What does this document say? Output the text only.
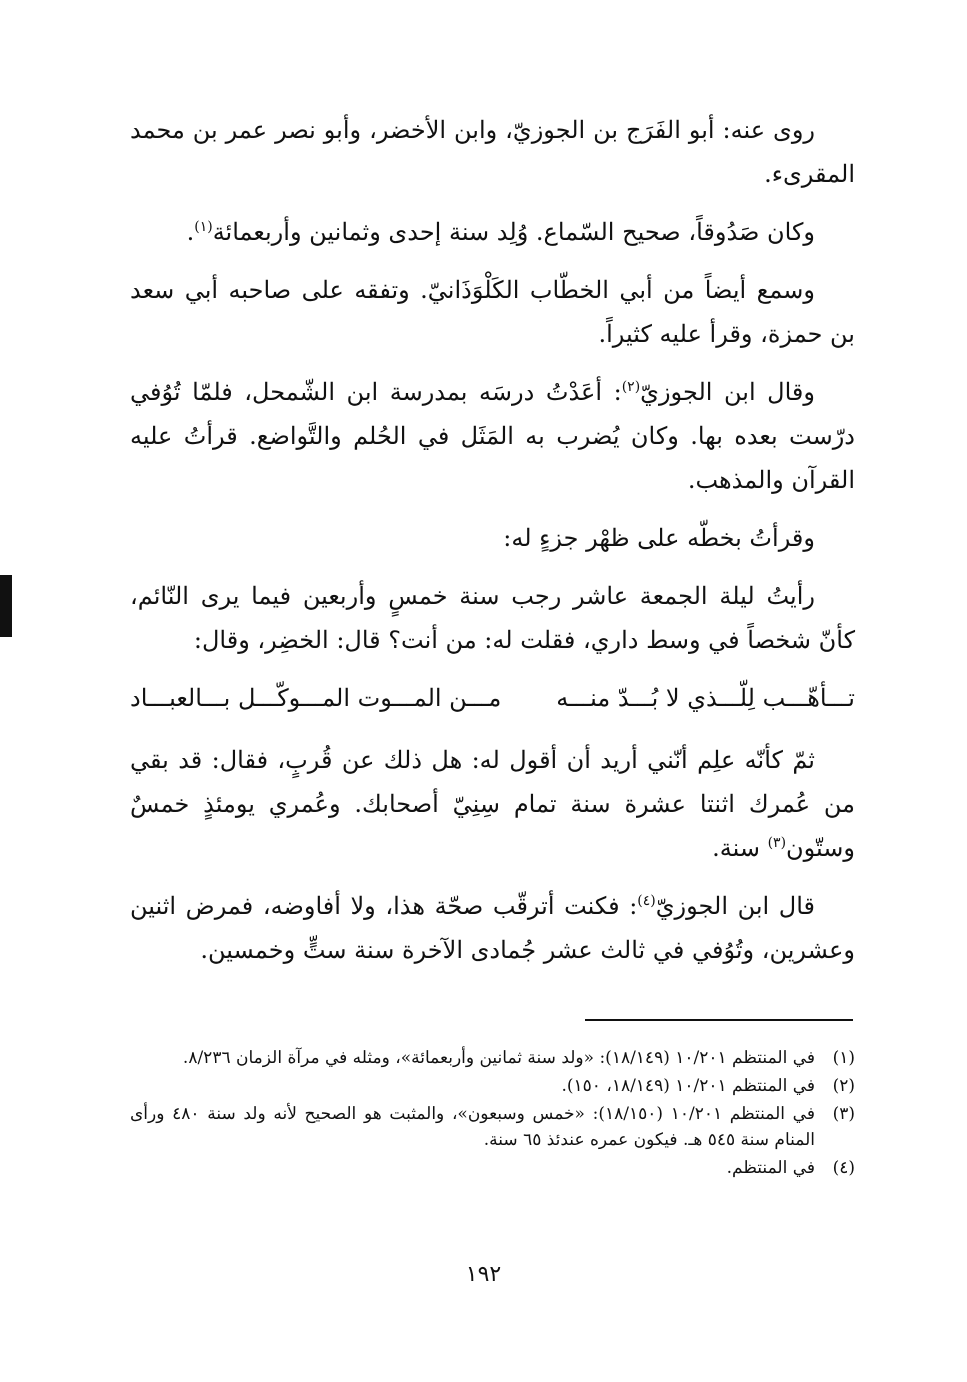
روى عنه: أبو الفَرَج بن الجوزيّ، وابن الأخضر، وأبو نصر عمر بن محمد المقرىء.

وكان صَدُوقاً، صحيح السّماع. وُلِد سنة إحدى وثمانين وأربعمائة$^{(١)}$.

وسمع أيضاً من أبي الخطّاب الكَلْوَذَانيّ. وتفقه على صاحبه أبي سعد بن حمزة، وقرأ عليه كثيراً.

وقال ابن الجوزيّ$^{(٢)}$: أعَدْتُ درسَه بمدرسة ابن الشّمحل، فلمّا تُوُفي درّست بعده بها. وكان يُضرب به المَثَل في الحُلم والتَّواضع. قرأتُ عليه القرآن والمذهب.

وقرأتُ بخطّه على ظهْر جزءٍ له:

رأيتُ ليلة الجمعة عاشر رجب سنة خمسٍ وأربعين فيما يرى النّائم، كأنّ شخصاً في وسط داري، فقلت له: من أنت؟ قال: الخضِر، وقال:

تـــأهّـــب لِلّـــذي لا بُـــدّ منـــه
مـــن المـــوت المـــوكّـــل بـــالعبـــاد

ثمّ كأنّه علِم أنّني أريد أن أقول له: هل ذلك عن قُربٍ، فقال: قد بقي من عُمرك اثنتا عشرة سنة تمام سِنِيّ أصحابك. وعُمري يومئذٍ خمسٌ وستّون$^{(٣)}$ سنة.

قال ابن الجوزيّ$^{(٤)}$: فكنت أترقّب صحّة هذا، ولا أفاوضه، فمرض اثنين وعشرين، وتُوُفي في ثالث عشر جُمادى الآخرة سنة ستٍّ وخمسين.

(١)
في المنتظم ١٠/٢٠١ (١٨/١٤٩): «ولد سنة ثمانين وأربعمائة»، ومثله في مرآة الزمان ٨/٢٣٦.
(٢)
في المنتظم ١٠/٢٠١ (١٨/١٤٩، ١٥٠).
(٣)
في المنتظم ١٠/٢٠١ (١٨/١٥٠): «خمس وسبعون»، والمثبت هو الصحيح لأنه ولد سنة ٤٨٠ ورأى المنام سنة ٥٤٥ هـ. فيكون عمره عندئذ ٦٥ سنة.
(٤)
في المنتظم.
١٩٢
